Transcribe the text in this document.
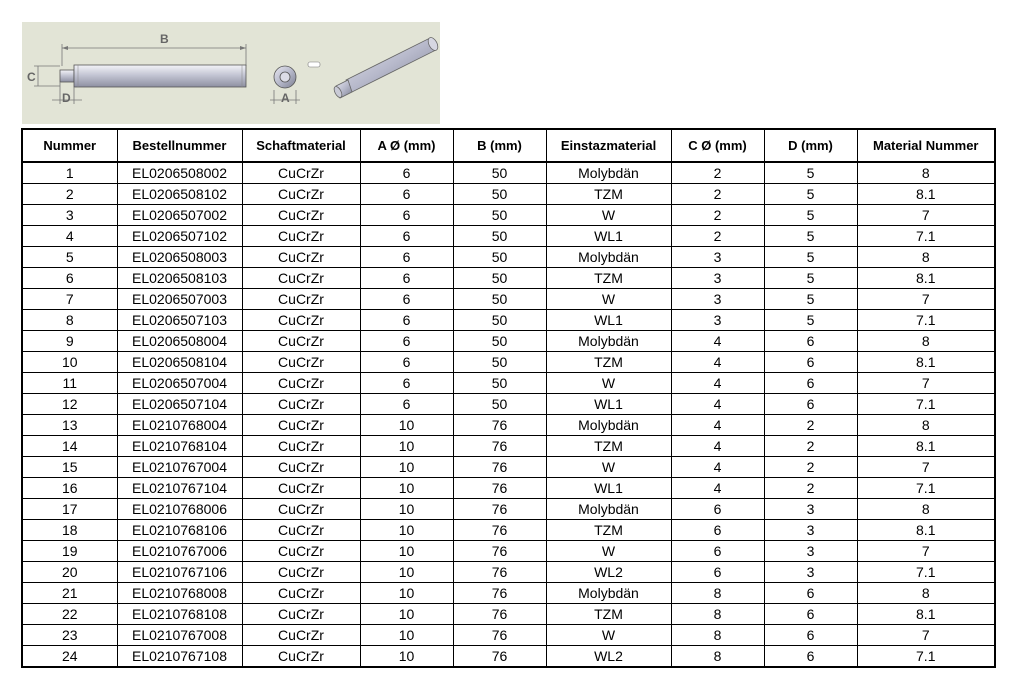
B
C
D	A
Nummer	Bestellnummer	Schaftmaterial	A Ø (mm)	B (mm)	Einstazmaterial	C Ø (mm)	D (mm)	Material Nummer
1	EL0206508002	CuCrZr	6	50	Molybdän	2	5	8
2	EL0206508102	CuCrZr	6	50	TZM	2	5	8.1
3	EL0206507002	CuCrZr	6	50	W	2	5	7
4	EL0206507102	CuCrZr	6	50	WL1	2	5	7.1
5	EL0206508003	CuCrZr	6	50	Molybdän	3	5	8
6	EL0206508103	CuCrZr	6	50	TZM	3	5	8.1
7	EL0206507003	CuCrZr	6	50	W	3	5	7
8	EL0206507103	CuCrZr	6	50	WL1	3	5	7.1
9	EL0206508004	CuCrZr	6	50	Molybdän	4	6	8
10	EL0206508104	CuCrZr	6	50	TZM	4	6	8.1
11	EL0206507004	CuCrZr	6	50	W	4	6	7
12	EL0206507104	CuCrZr	6	50	WL1	4	6	7.1
13	EL0210768004	CuCrZr	10	76	Molybdän	4	2	8
14	EL0210768104	CuCrZr	10	76	TZM	4	2	8.1
15	EL0210767004	CuCrZr	10	76	W	4	2	7
16	EL0210767104	CuCrZr	10	76	WL1	4	2	7.1
17	EL0210768006	CuCrZr	10	76	Molybdän	6	3	8
18	EL0210768106	CuCrZr	10	76	TZM	6	3	8.1
19	EL0210767006	CuCrZr	10	76	W	6	3	7
20	EL0210767106	CuCrZr	10	76	WL2	6	3	7.1
21	EL0210768008	CuCrZr	10	76	Molybdän	8	6	8
22	EL0210768108	CuCrZr	10	76	TZM	8	6	8.1
23	EL0210767008	CuCrZr	10	76	W	8	6	7
24	EL0210767108	CuCrZr	10	76	WL2	8	6	7.1
